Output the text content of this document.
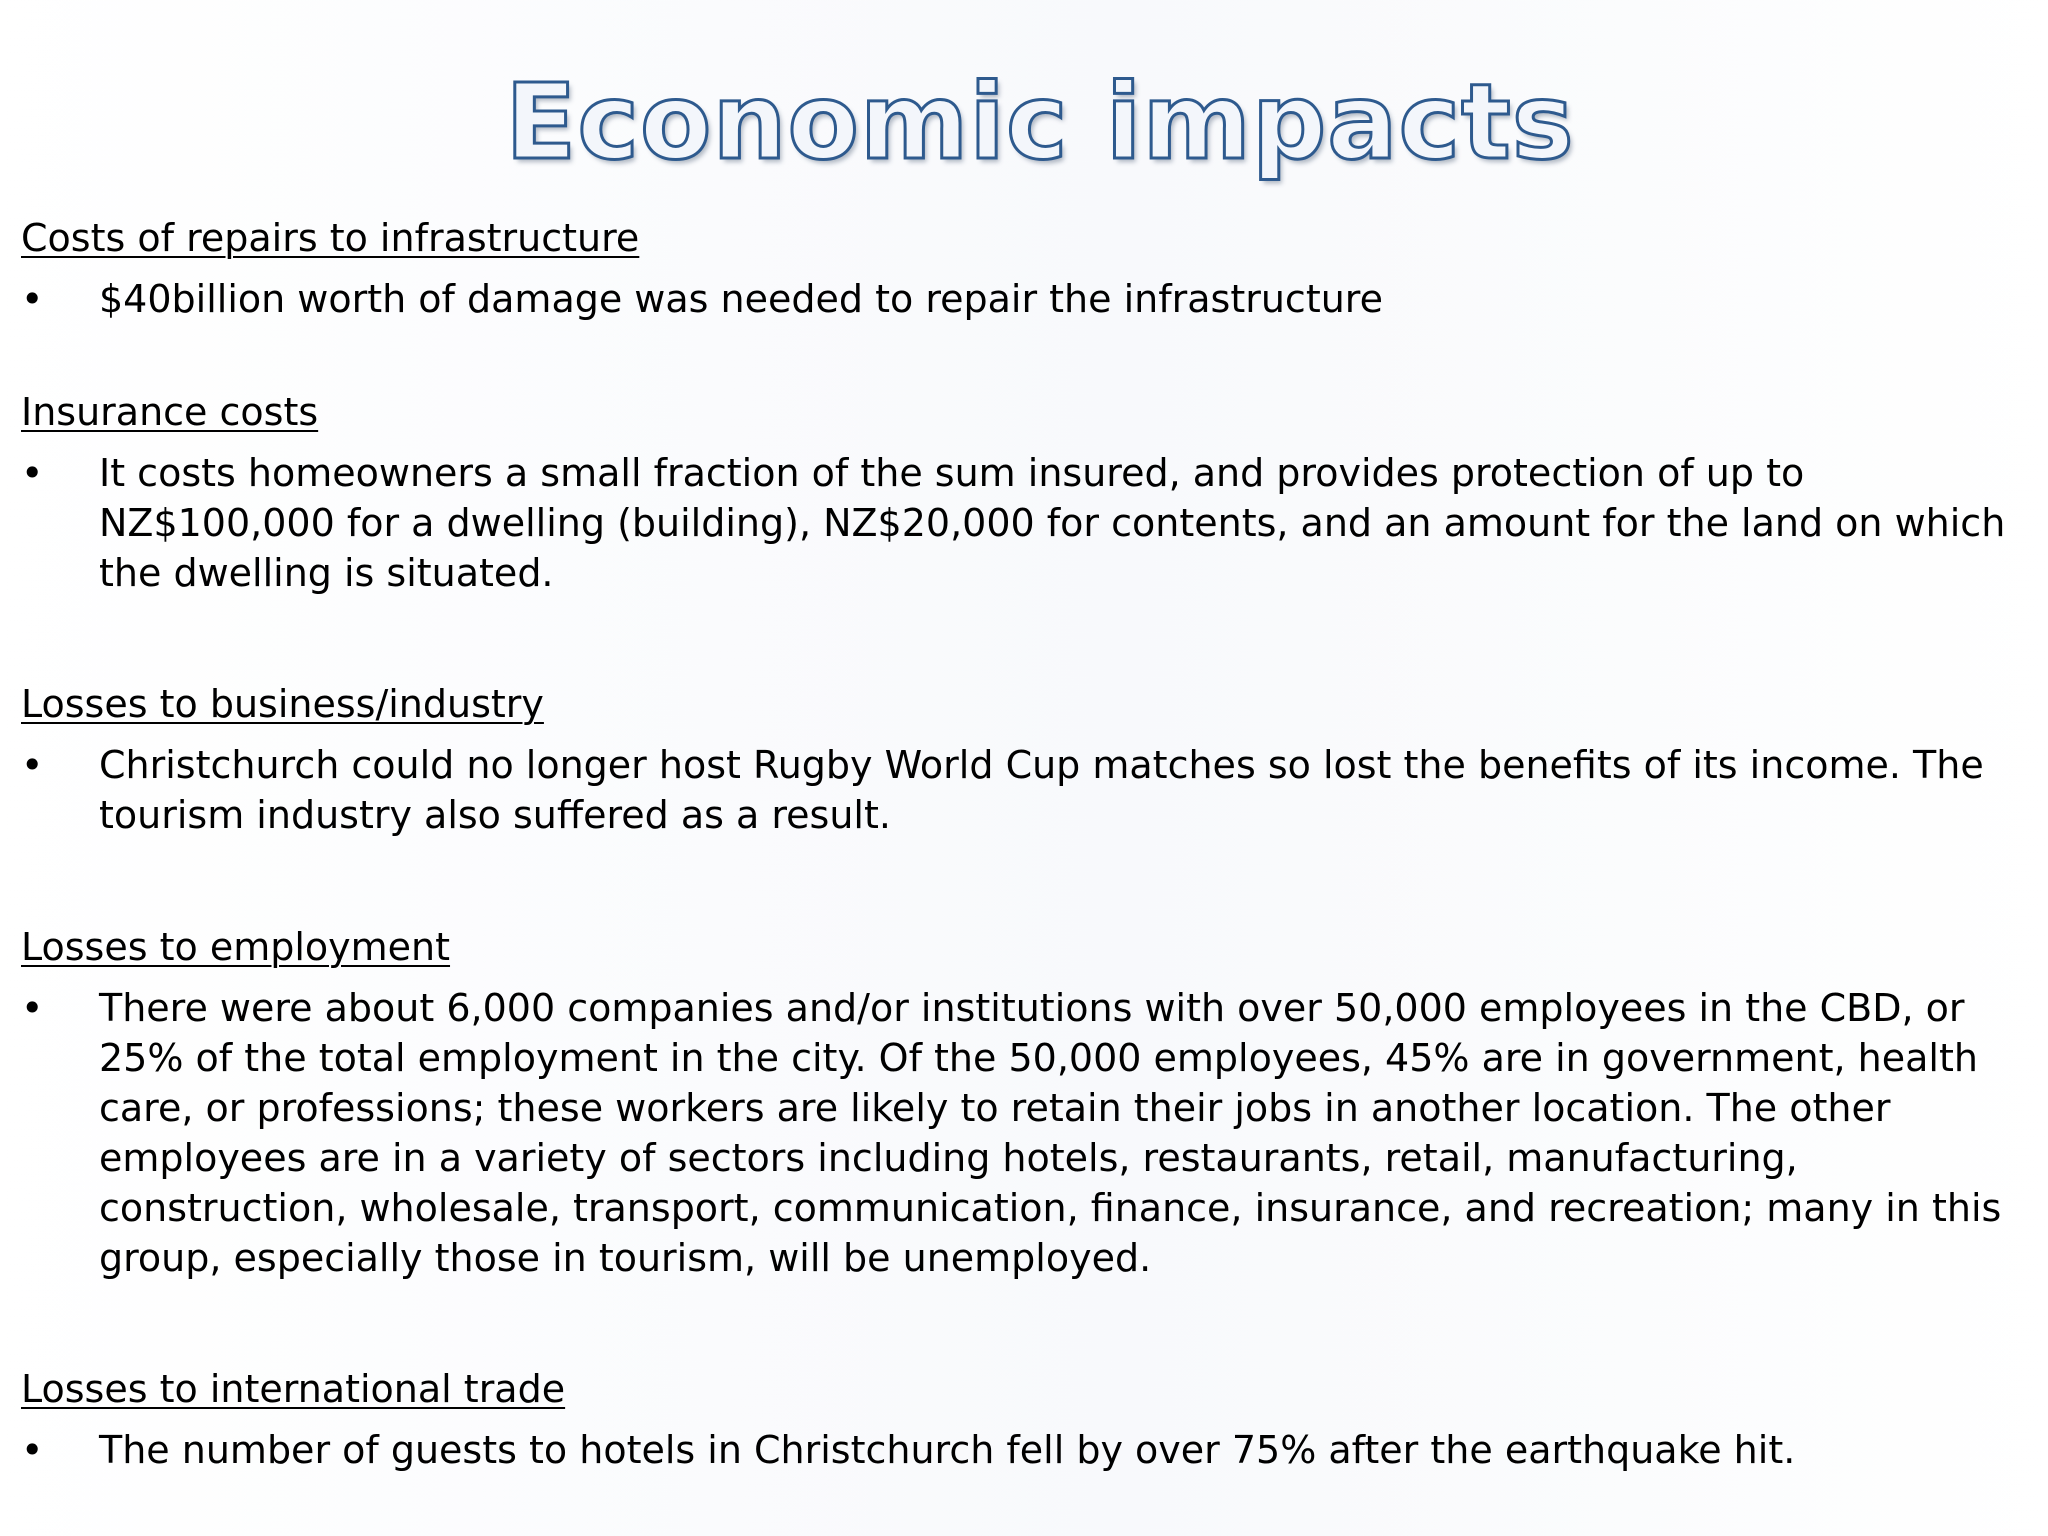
Economic impacts
Costs of repairs to infrastructure
• $40billion worth of damage was needed to repair the infrastructure
Insurance costs
• It costs homeowners a small fraction of the sum insured, and provides protection of up to NZ$100,000 for a dwelling (building), NZ$20,000 for contents, and an amount for the land on which the dwelling is situated.
Losses to business/industry
• Christchurch could no longer host Rugby World Cup matches so lost the benefits of its income. The tourism industry also suffered as a result.
Losses to employment
• There were about 6,000 companies and/or institutions with over 50,000 employees in the CBD, or 25% of the total employment in the city. Of the 50,000 employees, 45% are in government, health care, or professions; these workers are likely to retain their jobs in another location. The other employees are in a variety of sectors including hotels, restaurants, retail, manufacturing, construction, wholesale, transport, communication, finance, insurance, and recreation; many in this group, especially those in tourism, will be unemployed.
Losses to international trade
• The number of guests to hotels in Christchurch fell by over 75% after the earthquake hit.
